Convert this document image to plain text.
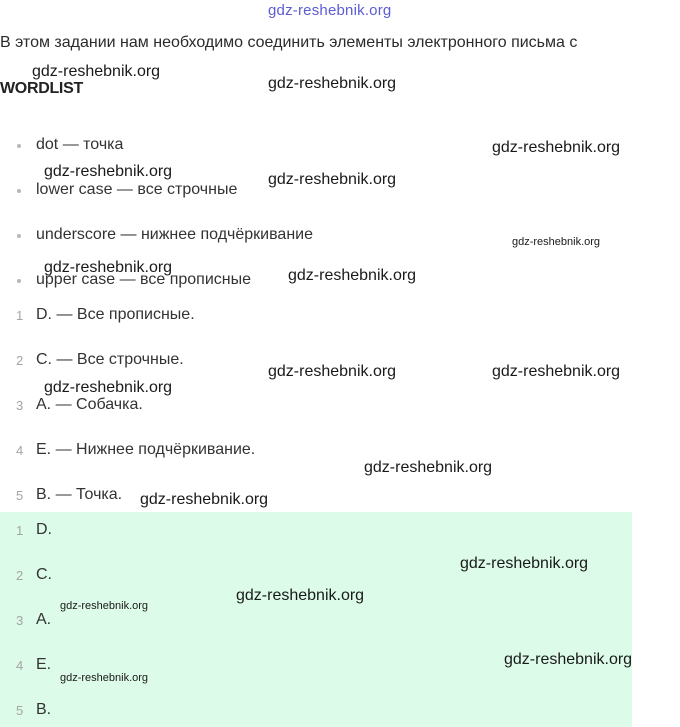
gdz-reshebnik.org

В этом задании нам необходимо соединить элементы электронного письма с

WORDLIST
dot — точка
lower case — все строчные
underscore — нижнее подчёркивание
upper case — все прописные
1 D. — Все прописные.
2 C. — Все строчные.
3 A. — Собачка.
4 E. — Нижнее подчёркивание.
5 B. — Точка.
1 D.
2 C.
3 A.
4 E.
5 B.
gdz-reshebnik.org
gdz-reshebnik.org
gdz-reshebnik.org
gdz-reshebnik.org	gdz-reshebnik.org
gdz-reshebnik.org
gdz-reshebnik.org	gdz-reshebnik.org
gdz-reshebnik.org	gdz-reshebnik.org
gdz-reshebnik.org
gdz-reshebnik.org
gdz-reshebnik.org
gdz-reshebnik.org
gdz-reshebnik.org
gdz-reshebnik.org
gdz-reshebnik.org
gdz-reshebnik.org
